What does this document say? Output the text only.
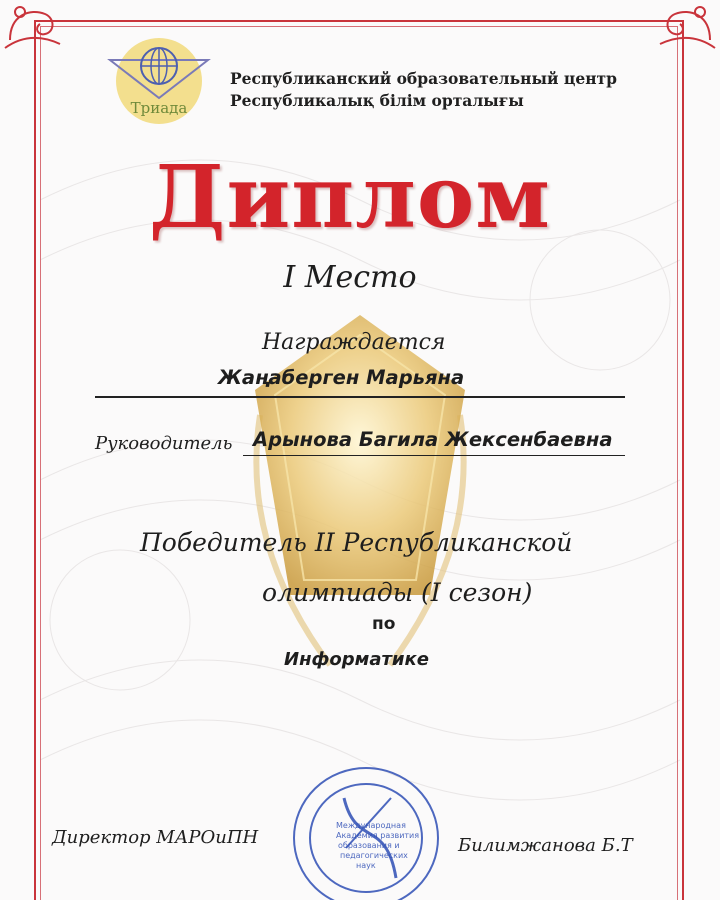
Триада
Республиканский образовательный центр
Республикалық білім орталығы
Диплом
I Место
Награждается
Жаңаберген Марьяна
Руководитель Арынова Багила Жексенбаевна
Победитель II Республиканской
олимпиады (I сезон)
по
Информатике
Международная
Академия развития
образования и
педагогических
наук
Директор МАРОиПН	Билимжанова Б.Т
